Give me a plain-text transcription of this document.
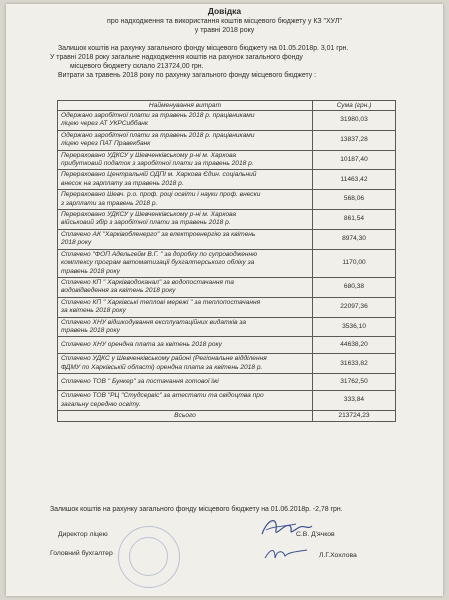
Довідка
про надходження та використання коштів місцевого бюджету у КЗ "ХУЛ"
у травні 2018 року
Залишок коштів на рахунку загального фонду місцевого бюджету на 01.05.2018р. 3,01 грн.
У травні 2018 року загальне надходження коштів на рахунок загального фонду
місцевого бюджету склало 213724,00 грн.
Витрати за травень 2018 року по рахунку загального фонду місцевого бюджету :
Найменування витрат	Сума (грн.)

Одержано заробітної плати за травень 2018 р. працівниками
ліцею через АТ УКРСиббанк	31980,03

Одержано заробітної плати за травень 2018 р. працівниками
ліцею через ПАТ Правекбанк	13837,28

Перераховано УДКСУ у Шевченківському р-ні м. Харкова
прибутковий податок з заробітної плати за травень 2018 р.	10187,40

Перераховано Центральній ОДПІ м. Харкова Єдин. соціальний
внесок на зарплату за травень 2018 р.	11463,42

Перераховано Шевч. р.о. проф. році освіти і науки проф. внески
з зарплати за травень 2018 р.	568,06

Перераховано УДКСУ у Шевченківському р-ні м. Харкова
військовий збір з заробітної плати за травень 2018 р.	861,54

Сплачено АК "Харківобленерго" за електроенергію за квітень
2018 року	8974,30

Сплачено "ФОП Адельгейм В.Г. " за доробку по супроводженню
комплексу програм автоматизації бухгалтерського обліку за
травень 2018 року	1170,00

Сплачено КП " Харківводоканал" за водопостачання та
водовідведення за квітень 2018 року	680,38

Сплачено КП " Харківські теплові мережі " за теплопостачання
за квітень 2018 року	22097,36

Сплачено ХНУ відшкодування експлуатаційних видатків за
травень 2018 року	3536,10

Сплачено ХНУ орендна плата за квітень 2018 року	44638,20

Сплачено УДКС у Шевченківському районі (Регіональне відділення
ФДМУ по Харківській області) орендна плата за квітень 2018 р.	31633,82

Сплачено ТОВ " Бункер" за постачання готової їжі	31762,50

Сплачено ТОВ "РЦ "Студсервіс" за атестати та свідоцтва про
загальну середню освіту.	333,84
Всього	213724,23
Залишок коштів на рахунку загального фонду місцевого бюджету на 01.06.2018р. -2,78 грн.
Директор ліцею
Головний бухгалтер
С.В. Д'ячков
Л.Г.Хохлова
